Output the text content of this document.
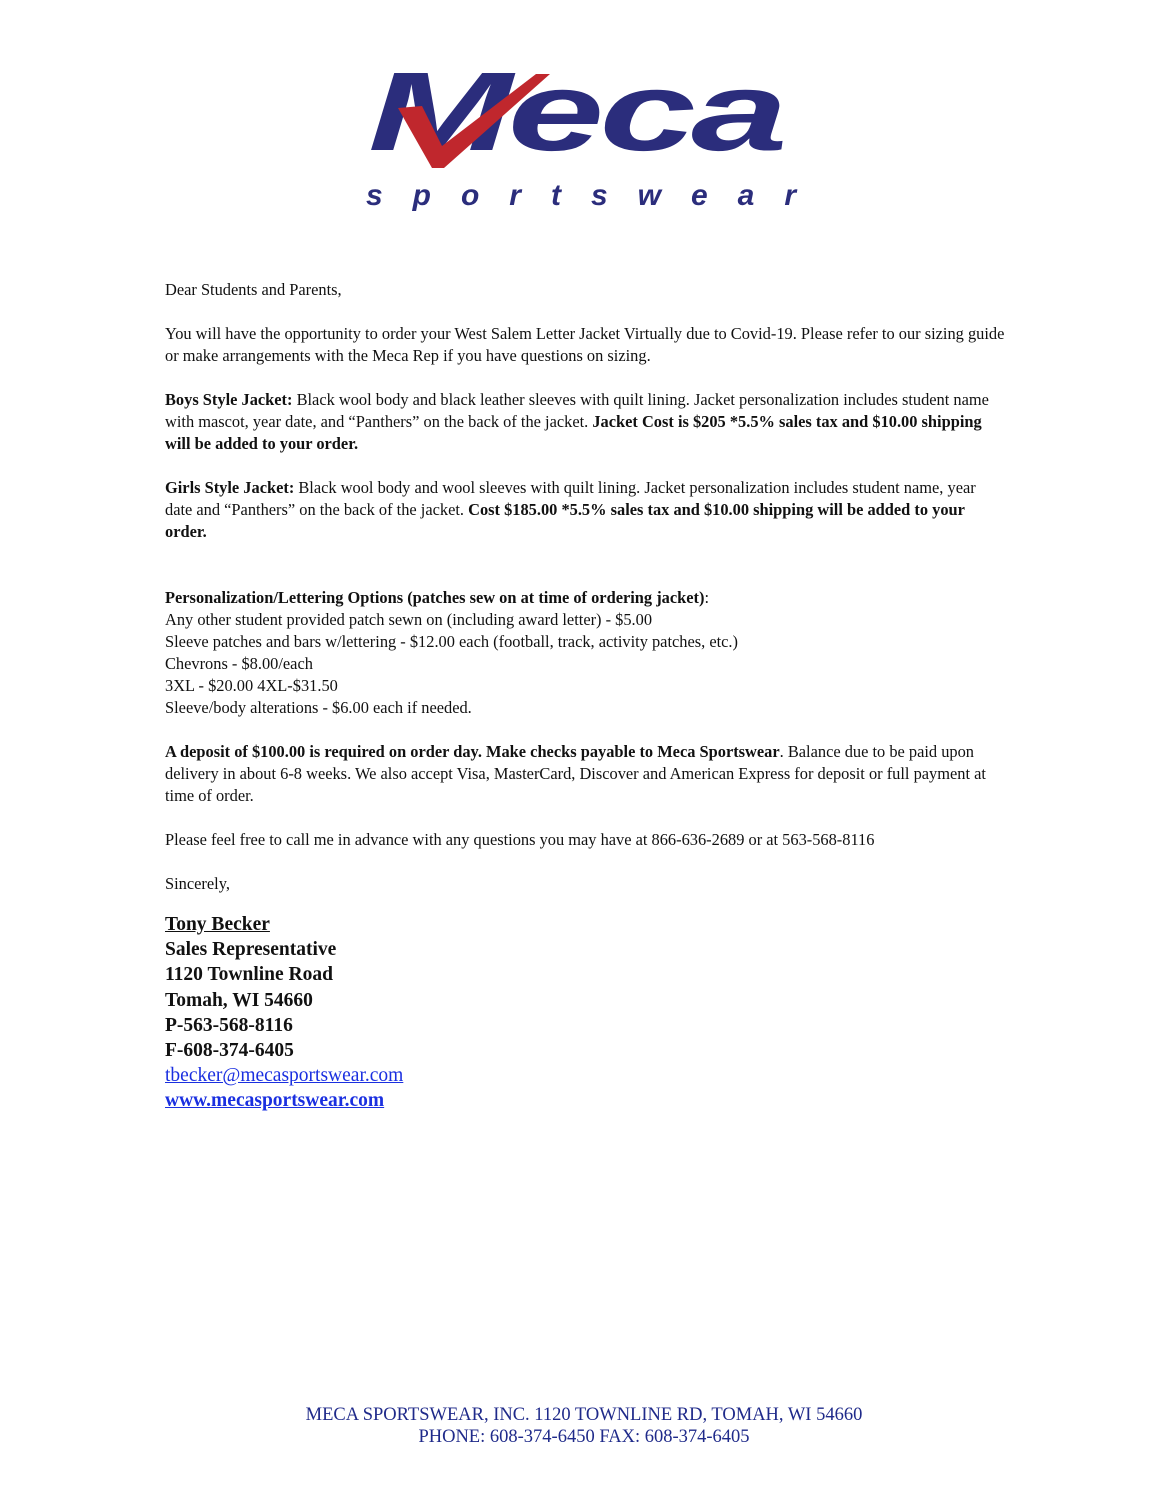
Meca
sportswear

Dear Students and Parents,

You will have the opportunity to order your West Salem Letter Jacket Virtually due to Covid-19. Please refer to our sizing guide or make arrangements with the Meca Rep if you have questions on sizing.

Boys Style Jacket: Black wool body and black leather sleeves with quilt lining. Jacket personalization includes student name with mascot, year date, and “Panthers” on the back of the jacket. Jacket Cost is $205 *5.5% sales tax and $10.00 shipping will be added to your order.

Girls Style Jacket: Black wool body and wool sleeves with quilt lining. Jacket personalization includes student name, year date and “Panthers” on the back of the jacket. Cost $185.00 *5.5% sales tax and $10.00 shipping will be added to your order.

Personalization/Lettering Options (patches sew on at time of ordering jacket):

Any other student provided patch sewn on (including award letter) - $5.00

Sleeve patches and bars w/lettering - $12.00 each (football, track, activity patches, etc.)

Chevrons - $8.00/each

3XL - $20.00 4XL-$31.50

Sleeve/body alterations - $6.00 each if needed.

A deposit of $100.00 is required on order day. Make checks payable to Meca Sportswear. Balance due to be paid upon delivery in about 6-8 weeks. We also accept Visa, MasterCard, Discover and American Express for deposit or full payment at time of order.

Please feel free to call me in advance with any questions you may have at 866-636-2689 or at 563-568-8116

Sincerely,

Tony Becker
Sales Representative
1120 Townline Road
Tomah, WI 54660
P-563-568-8116
F-608-374-6405
tbecker@mecasportswear.com
www.mecasportswear.com
MECA SPORTSWEAR, INC. 1120 TOWNLINE RD, TOMAH, WI 54660
PHONE: 608-374-6450 FAX: 608-374-6405
